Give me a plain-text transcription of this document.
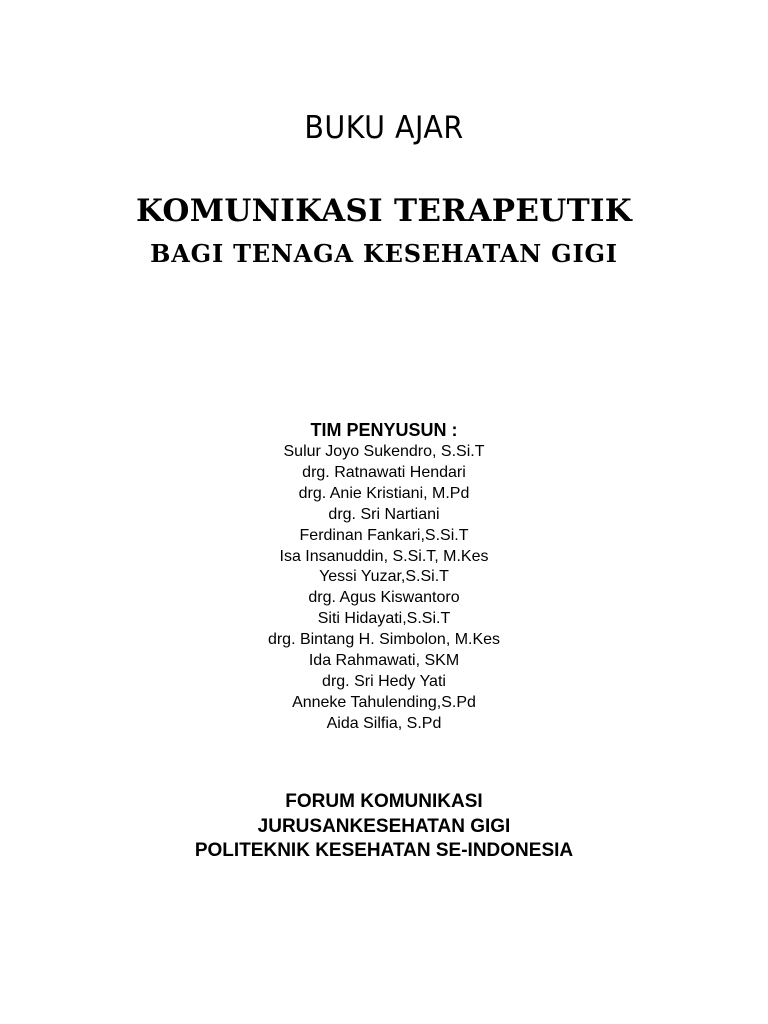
BUKU AJAR
KOMUNIKASI TERAPEUTIK
BAGI TENAGA KESEHATAN GIGI
TIM PENYUSUN :
Sulur Joyo Sukendro, S.Si.T
drg. Ratnawati Hendari
drg. Anie Kristiani, M.Pd
drg. Sri Nartiani
Ferdinan Fankari,S.Si.T
Isa Insanuddin, S.Si.T, M.Kes
Yessi Yuzar,S.Si.T
drg. Agus Kiswantoro
Siti Hidayati,S.Si.T
drg. Bintang H. Simbolon, M.Kes
Ida Rahmawati, SKM
drg. Sri Hedy Yati
Anneke Tahulending,S.Pd
Aida Silfia, S.Pd
FORUM KOMUNIKASI
JURUSANKESEHATAN GIGI
POLITEKNIK KESEHATAN SE-INDONESIA
